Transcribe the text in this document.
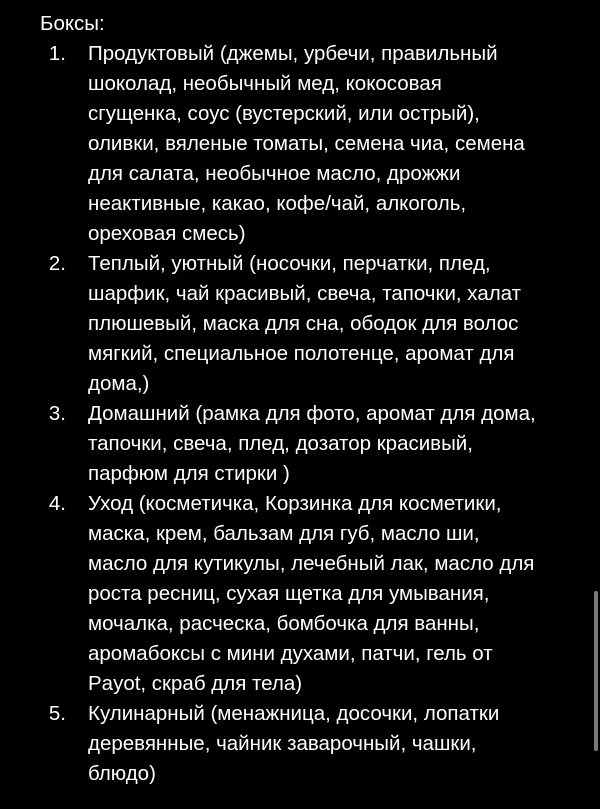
Боксы:
1. Продуктовый (джемы, урбечи, правильный
шоколад, необычный мед, кокосовая
сгущенка, соус (вустерский, или острый),
оливки, вяленые томаты, семена чиа, семена
для салата, необычное масло, дрожжи
неактивные, какао, кофе/чай, алкоголь,
ореховая смесь)
2. Теплый, уютный (носочки, перчатки, плед,
шарфик, чай красивый, свеча, тапочки, халат
плюшевый, маска для сна, ободок для волос
мягкий, специальное полотенце, аромат для
дома,)
3. Домашний (рамка для фото, аромат для дома,
тапочки, свеча, плед, дозатор красивый,
парфюм для стирки )
4. Уход (косметичка, Корзинка для косметики,
маска, крем, бальзам для губ, масло ши,
масло для кутикулы, лечебный лак, масло для
роста ресниц, сухая щетка для умывания,
мочалка, расческа, бомбочка для ванны,
аромабоксы с мини духами, патчи, гель от
Payot, скраб для тела)
5. Кулинарный (менажница, досочки, лопатки
деревянные, чайник заварочный, чашки,
блюдо)
